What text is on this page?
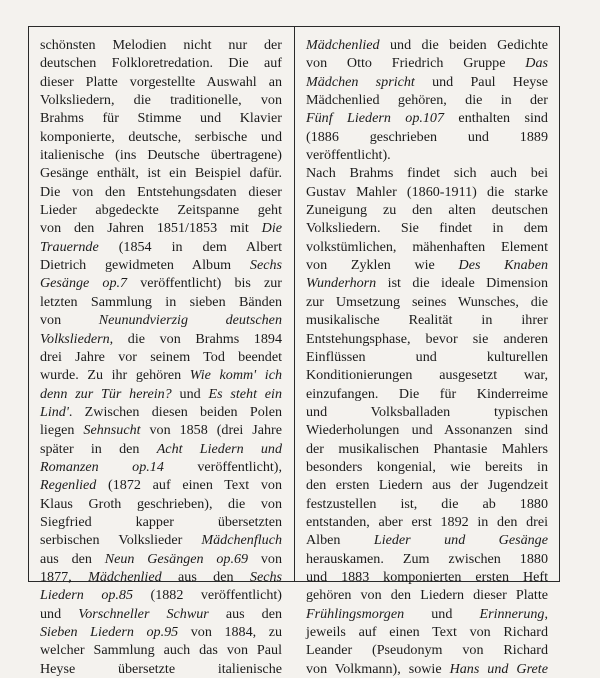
schönsten Melodien nicht nur der
deutschen Folkloretredation. Die auf
dieser Platte vorgestellte Auswahl an
Volksliedern, die traditionelle, von
Brahms für Stimme und Klavier
komponierte, deutsche, serbische und
italienische (ins Deutsche übertragene)
Gesänge enthält, ist ein Beispiel dafür.
Die von den Entstehungsdaten dieser
Lieder abgedeckte Zeitspanne geht
von den Jahren 1851/1853 mit Die
Trauernde (1854 in dem Albert
Dietrich gewidmeten Album Sechs
Gesänge op.7 veröffentlicht) bis zur
letzten Sammlung in sieben Bänden
von Neunundvierzig deutschen
Volksliedern, die von Brahms 1894
drei Jahre vor seinem Tod beendet
wurde. Zu ihr gehören Wie komm' ich
denn zur Tür herein? und Es steht ein
Lind'. Zwischen diesen beiden Polen
liegen Sehnsucht von 1858 (drei Jahre
später in den Acht Liedern und
Romanzen op.14 veröffentlicht),
Regenlied (1872 auf einen Text von
Klaus Groth geschrieben), die von
Siegfried kapper übersetzten
serbischen Volkslieder Mädchenfluch
aus den Neun Gesängen op.69 von
1877, Mädchenlied aus den Sechs
Liedern op.85 (1882 veröffentlicht)
und Vorschneller Schwur aus den
Sieben Liedern op.95 von 1884, zu
welcher Sammlung auch das von Paul
Heyse übersetzte italienische
Mädchenlied und die beiden Gedichte
von Otto Friedrich Gruppe Das
Mädchen spricht und Paul Heyse
Mädchenlied gehören, die in der
Fünf Liedern op.107 enthalten sind
(1886 geschrieben und 1889
veröffentlicht).
Nach Brahms findet sich auch bei
Gustav Mahler (1860-1911) die starke
Zuneigung zu den alten deutschen
Volksliedern. Sie findet in dem
volkstümlichen, mähenhaften Element
von Zyklen wie Des Knaben
Wunderhorn ist die ideale Dimension
zur Umsetzung seines Wunsches, die
musikalische Realität in ihrer
Entstehungsphase, bevor sie anderen
Einflüssen und kulturellen
Konditionierungen ausgesetzt war,
einzufangen. Die für Kinderreime
und Volksballaden typischen
Wiederholungen und Assonanzen sind
der musikalischen Phantasie Mahlers
besonders kongenial, wie bereits in
den ersten Liedern aus der Jugendzeit
festzustellen ist, die ab 1880
entstanden, aber erst 1892 in den drei
Alben Lieder und Gesänge
herauskamen. Zum zwischen 1880
und 1883 komponierten ersten Heft
gehören von den Liedern dieser Platte
Frühlingsmorgen und Erinnerung,
jeweils auf einen Text von Richard
Leander (Pseudonym von Richard
von Volkmann), sowie Hans und Grete
